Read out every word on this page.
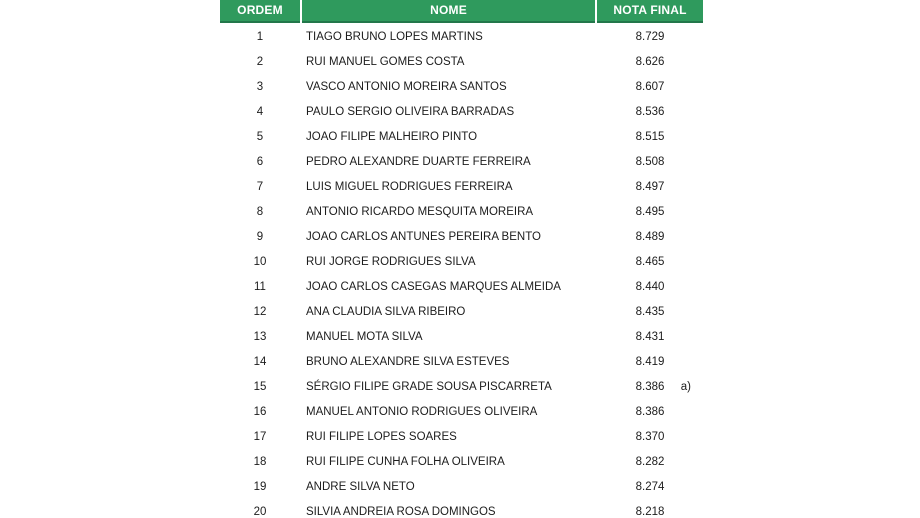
ORDEM	NOME	NOTA FINAL
1	TIAGO BRUNO LOPES MARTINS	8.729
2	RUI MANUEL GOMES COSTA	8.626
3	VASCO ANTONIO MOREIRA SANTOS	8.607
4	PAULO SERGIO OLIVEIRA BARRADAS	8.536
5	JOAO FILIPE MALHEIRO PINTO	8.515
6	PEDRO ALEXANDRE DUARTE FERREIRA	8.508
7	LUIS MIGUEL RODRIGUES FERREIRA	8.497
8	ANTONIO RICARDO MESQUITA MOREIRA	8.495
9	JOAO CARLOS ANTUNES PEREIRA BENTO	8.489
10	RUI JORGE RODRIGUES SILVA	8.465
11	JOAO CARLOS CASEGAS MARQUES ALMEIDA	8.440
12	ANA CLAUDIA SILVA RIBEIRO	8.435
13	MANUEL MOTA SILVA	8.431
14	BRUNO ALEXANDRE SILVA ESTEVES	8.419
15	SÉRGIO FILIPE GRADE SOUSA PISCARRETA	8.386 a)
16	MANUEL ANTONIO RODRIGUES OLIVEIRA	8.386
17	RUI FILIPE LOPES SOARES	8.370
18	RUI FILIPE CUNHA FOLHA OLIVEIRA	8.282
19	ANDRE SILVA NETO	8.274
20	SILVIA ANDREIA ROSA DOMINGOS	8.218
